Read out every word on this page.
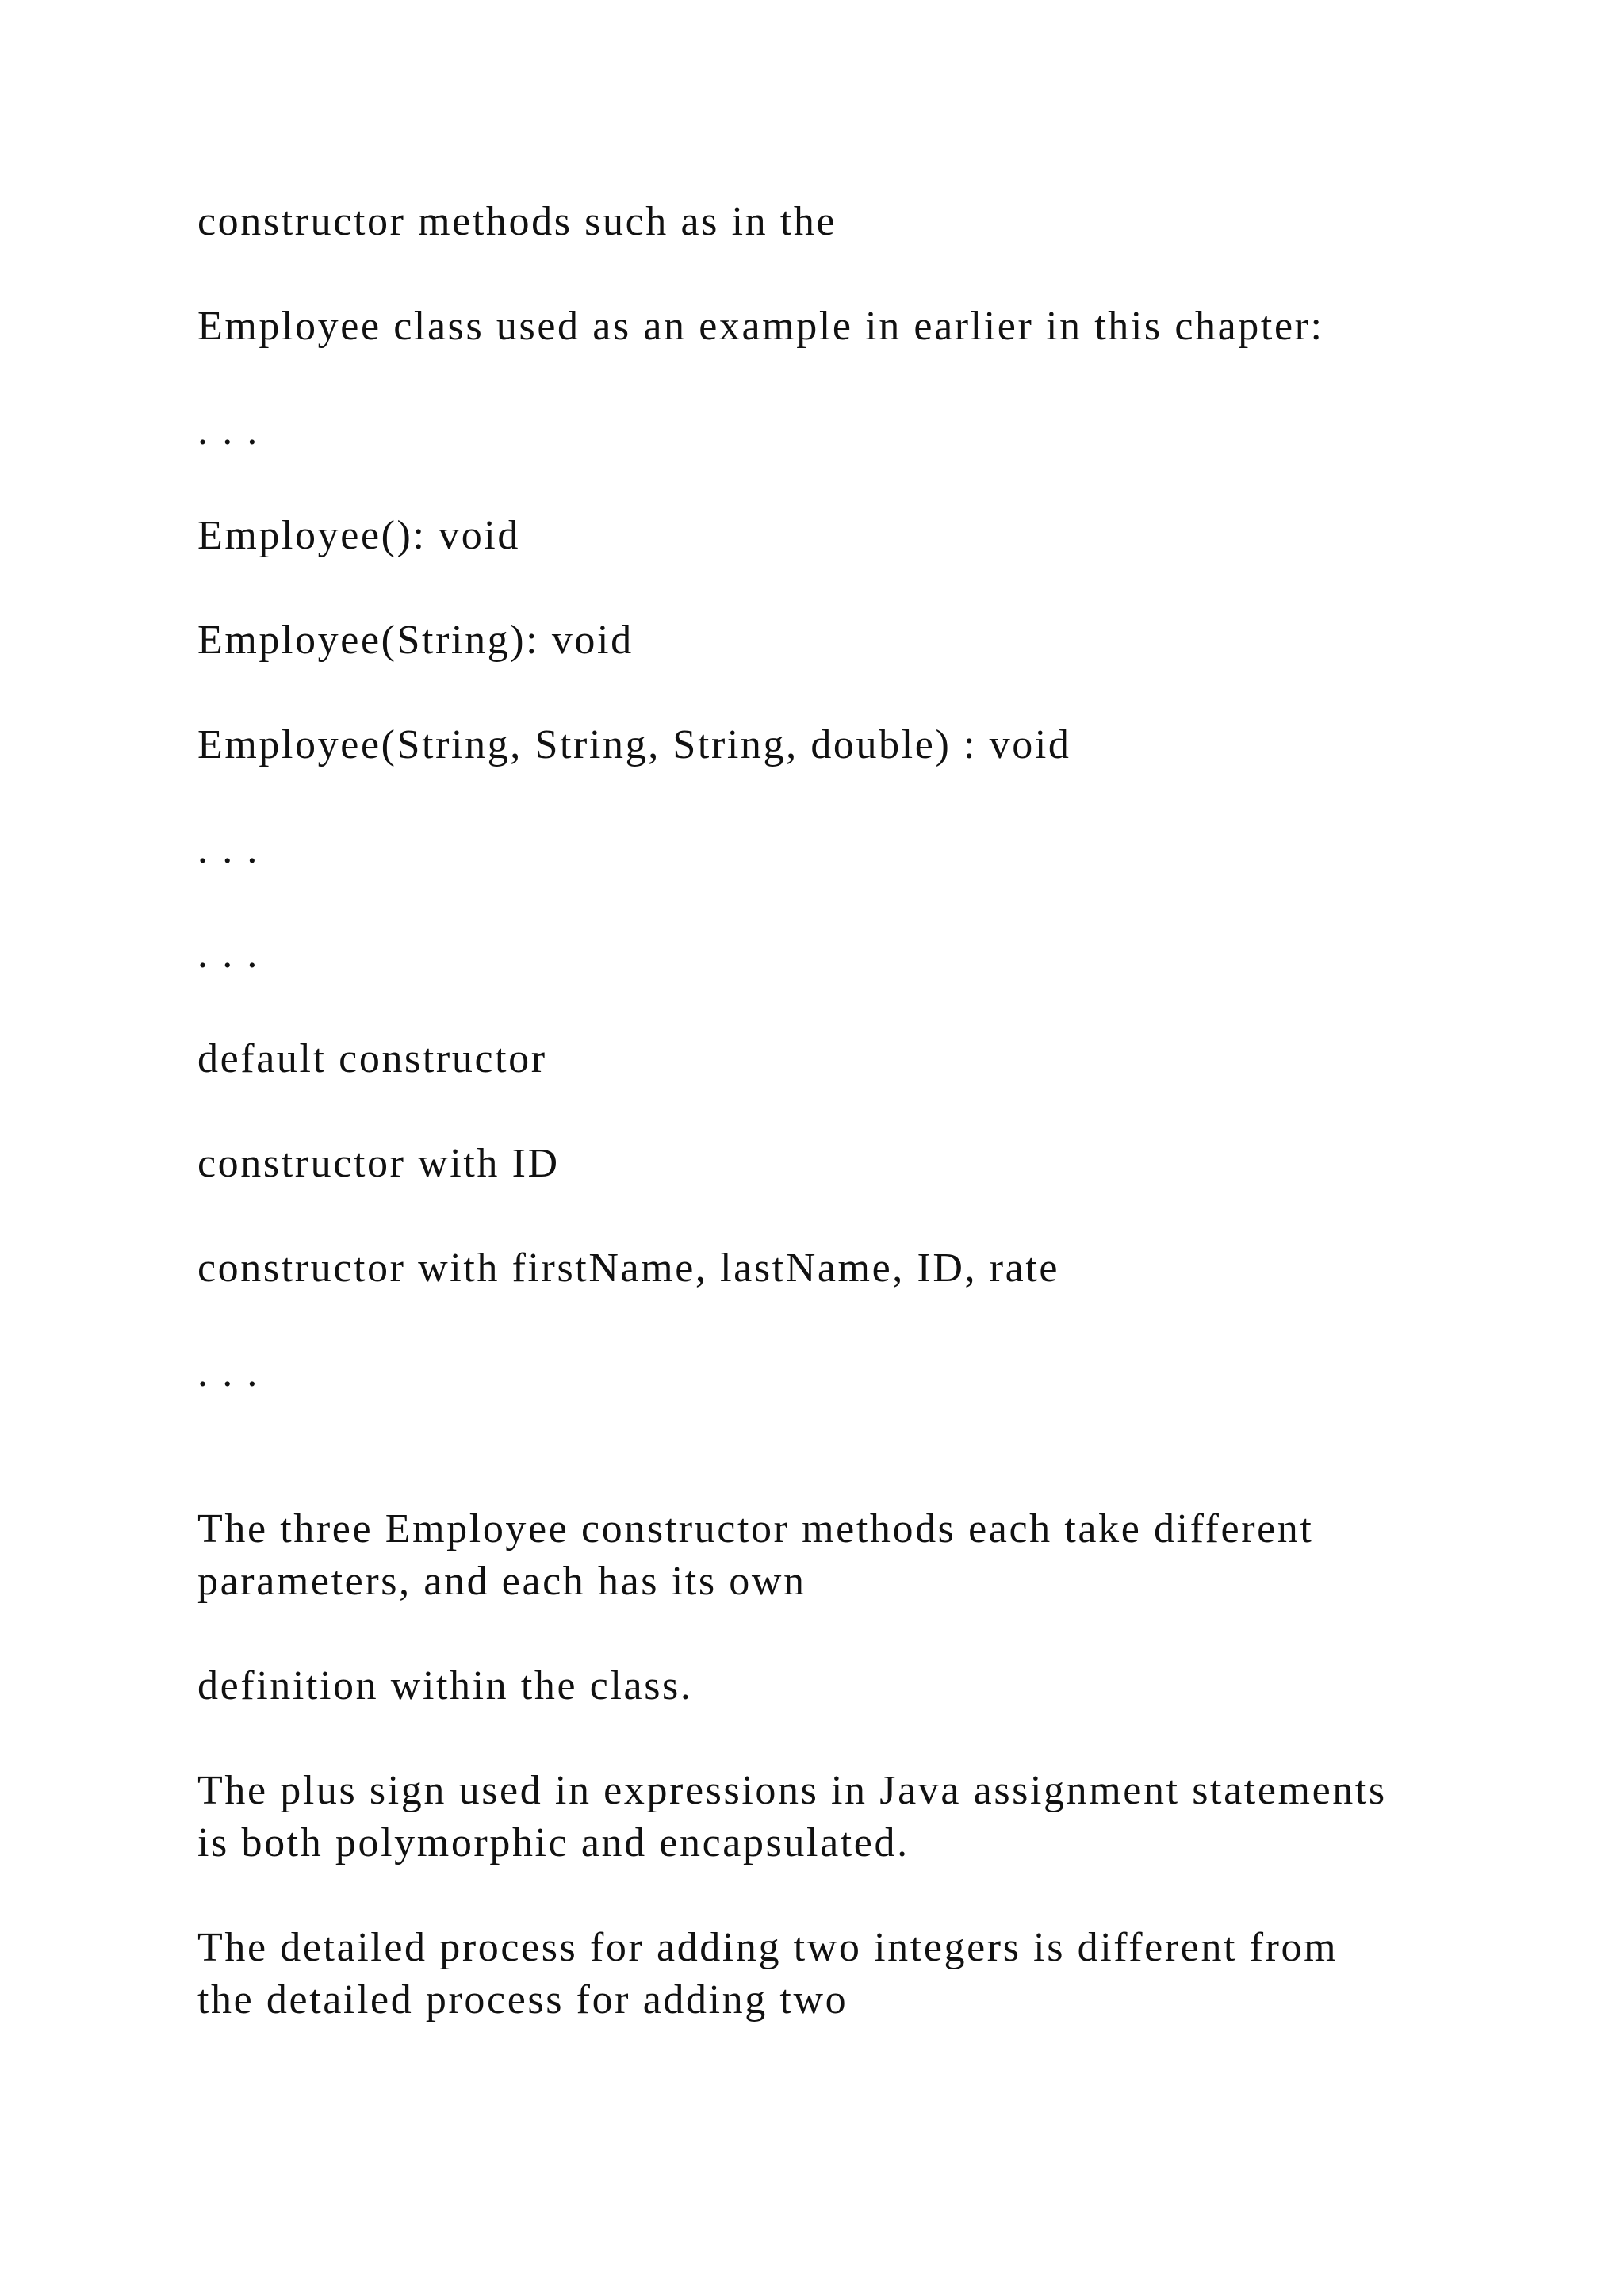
constructor methods such as in the

Employee class used as an example in earlier in this chapter:

. . .

Employee(): void

Employee(String): void

Employee(String, String, String, double) : void

. . .

. . .

default constructor

constructor with ID

constructor with firstName, lastName, ID, rate

. . .

The three Employee constructor methods each take different

parameters, and each has its own

definition within the class.

The plus sign used in expressions in Java assignment statements

is both polymorphic and encapsulated.

The detailed process for adding two integers is different from

the detailed process for adding two
